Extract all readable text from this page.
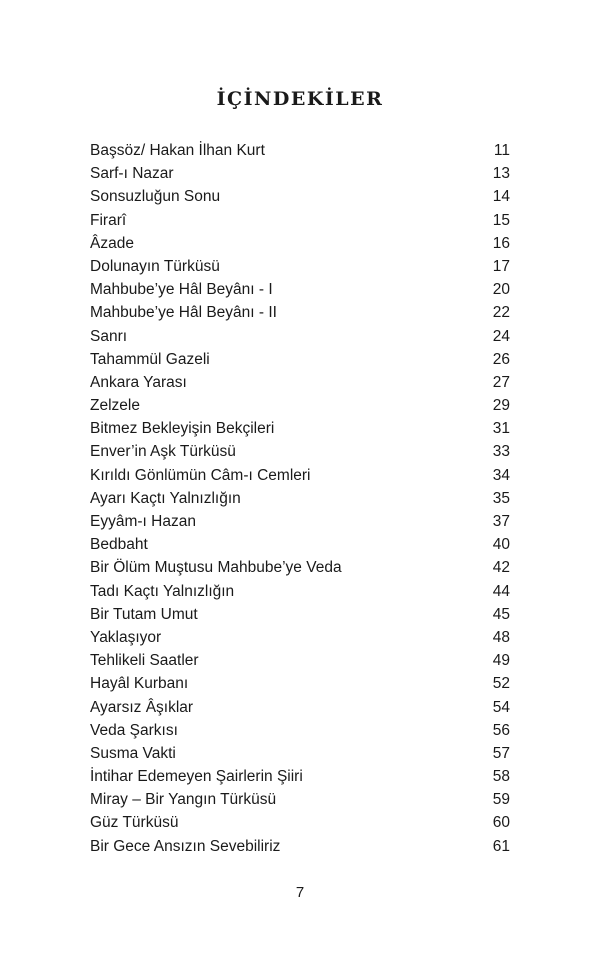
İÇİNDEKİLER
Başsöz/ Hakan İlhan Kurt	11
Sarf-ı Nazar	13
Sonsuzluğun Sonu	14
Firarî	15
Âzade	16
Dolunayın Türküsü	17
Mahbube’ye Hâl Beyânı - I	20
Mahbube’ye Hâl Beyânı - II	22
Sanrı	24
Tahammül Gazeli	26
Ankara Yarası	27
Zelzele	29
Bitmez Bekleyişin Bekçileri	31
Enver’in Aşk Türküsü	33
Kırıldı Gönlümün Câm-ı Cemleri	34
Ayarı Kaçtı Yalnızlığın	35
Eyyâm-ı Hazan	37
Bedbaht	40
Bir Ölüm Muştusu Mahbube’ye Veda	42
Tadı Kaçtı Yalnızlığın	44
Bir Tutam Umut	45
Yaklaşıyor	48
Tehlikeli Saatler	49
Hayâl Kurbanı	52
Ayarsız Âşıklar	54
Veda Şarkısı	56
Susma Vakti	57
İntihar Edemeyen Şairlerin Şiiri	58
Miray – Bir Yangın Türküsü	59
Güz Türküsü	60
Bir Gece Ansızın Sevebiliriz	61
7
